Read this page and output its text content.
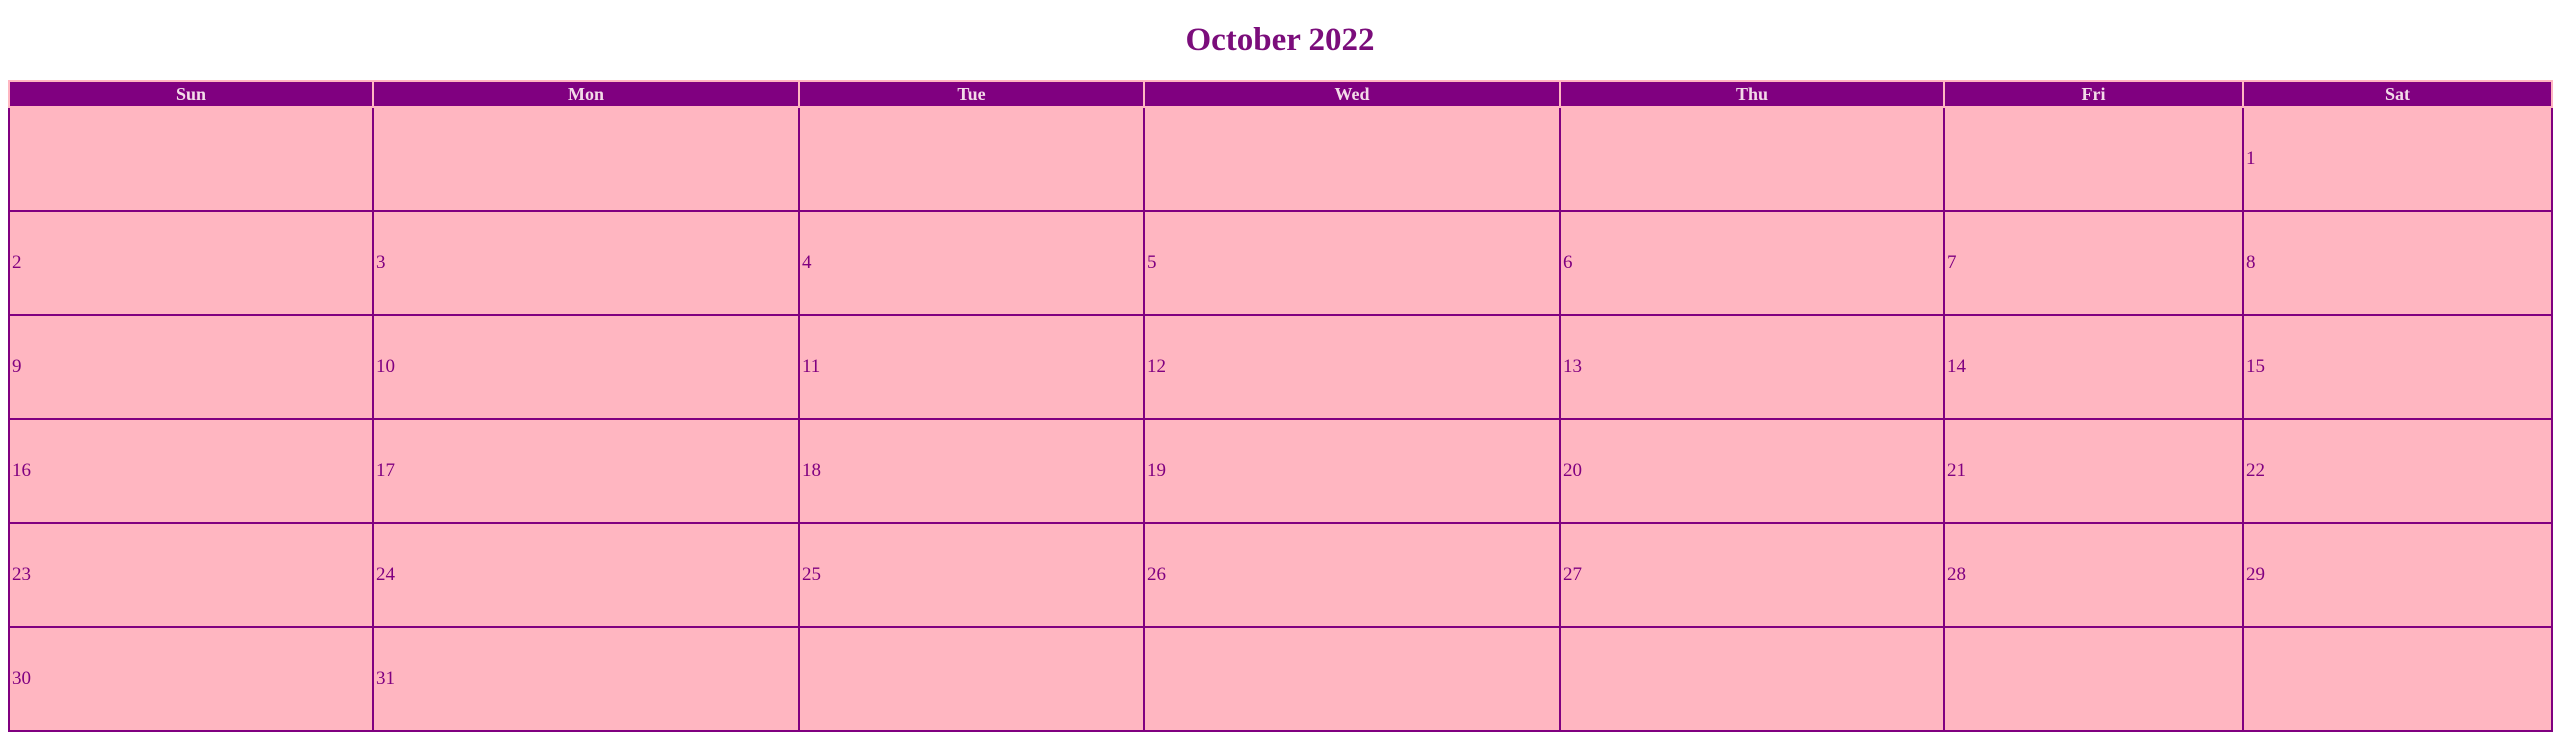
October 2022
Sun	Mon	Tue	Wed	Thu	Fri	Sat
						1
2	3	4	5	6	7	8
9	10	11	12	13	14	15
16	17	18	19	20	21	22
23	24	25	26	27	28	29
30	31					
